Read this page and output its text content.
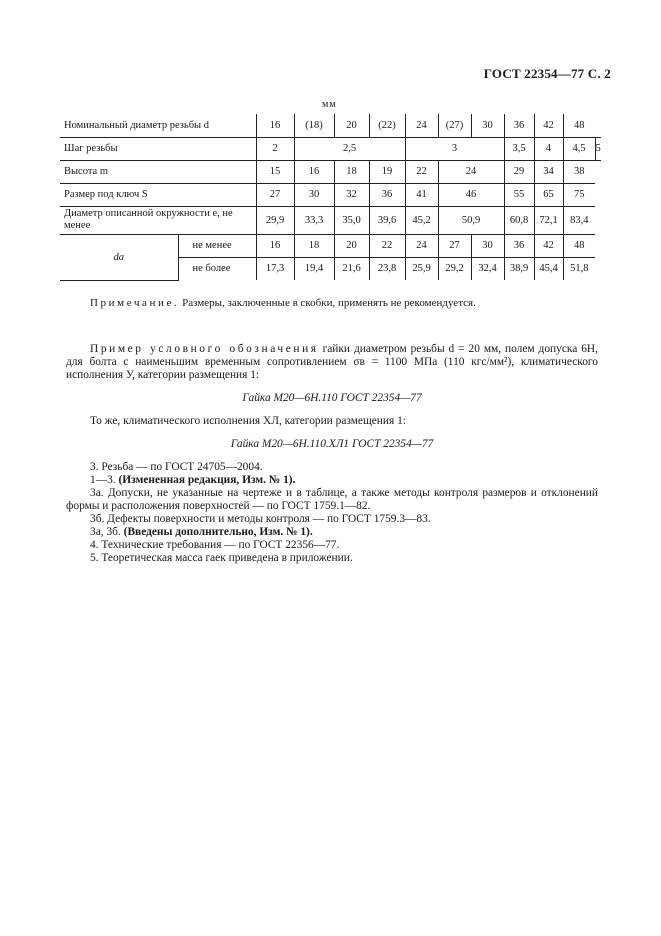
ГОСТ 22354—77 С. 2
мм
Номинальный диаметр резьбы d		16	(18)	20	(22)	24	(27)	30	36	42	48	
Шаг резьбы		2	2,5			3			3,5	4	4,5	5
Высота m		15	16	18	19	22	24		29	34	38	
Размер под ключ S		27	30	32	36	41	46		55	65	75	

Диаметр описанной окружности e, не менее		29,9	33,3	35,0	39,6	45,2	50,9		60,8	72,1	83,4	
da	не менее	16	18	20	22	24	27	30	36	42	48	
	не более	17,3	19,4	21,6	23,8	25,9	29,2	32,4	38,9	45,4	51,8	
Примечание. Размеры, заключенные в скобки, применять не рекомендуется.

Пример условного обозначения гайки диаметром резьбы d = 20 мм, полем допуска 6Н, для болта с наименьшим временным сопротивлением σв = 1100 МПа (110 кгс/мм²), климатического исполнения У, категории размещения 1:

Гайка М20—6Н.110 ГОСТ 22354—77

То же, климатического исполнения ХЛ, категории размещения 1:

Гайка М20—6Н.110.ХЛ1 ГОСТ 22354—77

3. Резьба — по ГОСТ 24705—2004.

1—3. (Измененная редакция, Изм. № 1).

3а. Допуски, не указанные на чертеже и в таблице, а также методы контроля размеров и отклонений формы и расположения поверхностей — по ГОСТ 1759.1—82.

3б. Дефекты поверхности и методы контроля — по ГОСТ 1759.3—83.

3а, 3б. (Введены дополнительно, Изм. № 1).

4. Технические требования — по ГОСТ 22356—77.

5. Теоретическая масса гаек приведена в приложении.
